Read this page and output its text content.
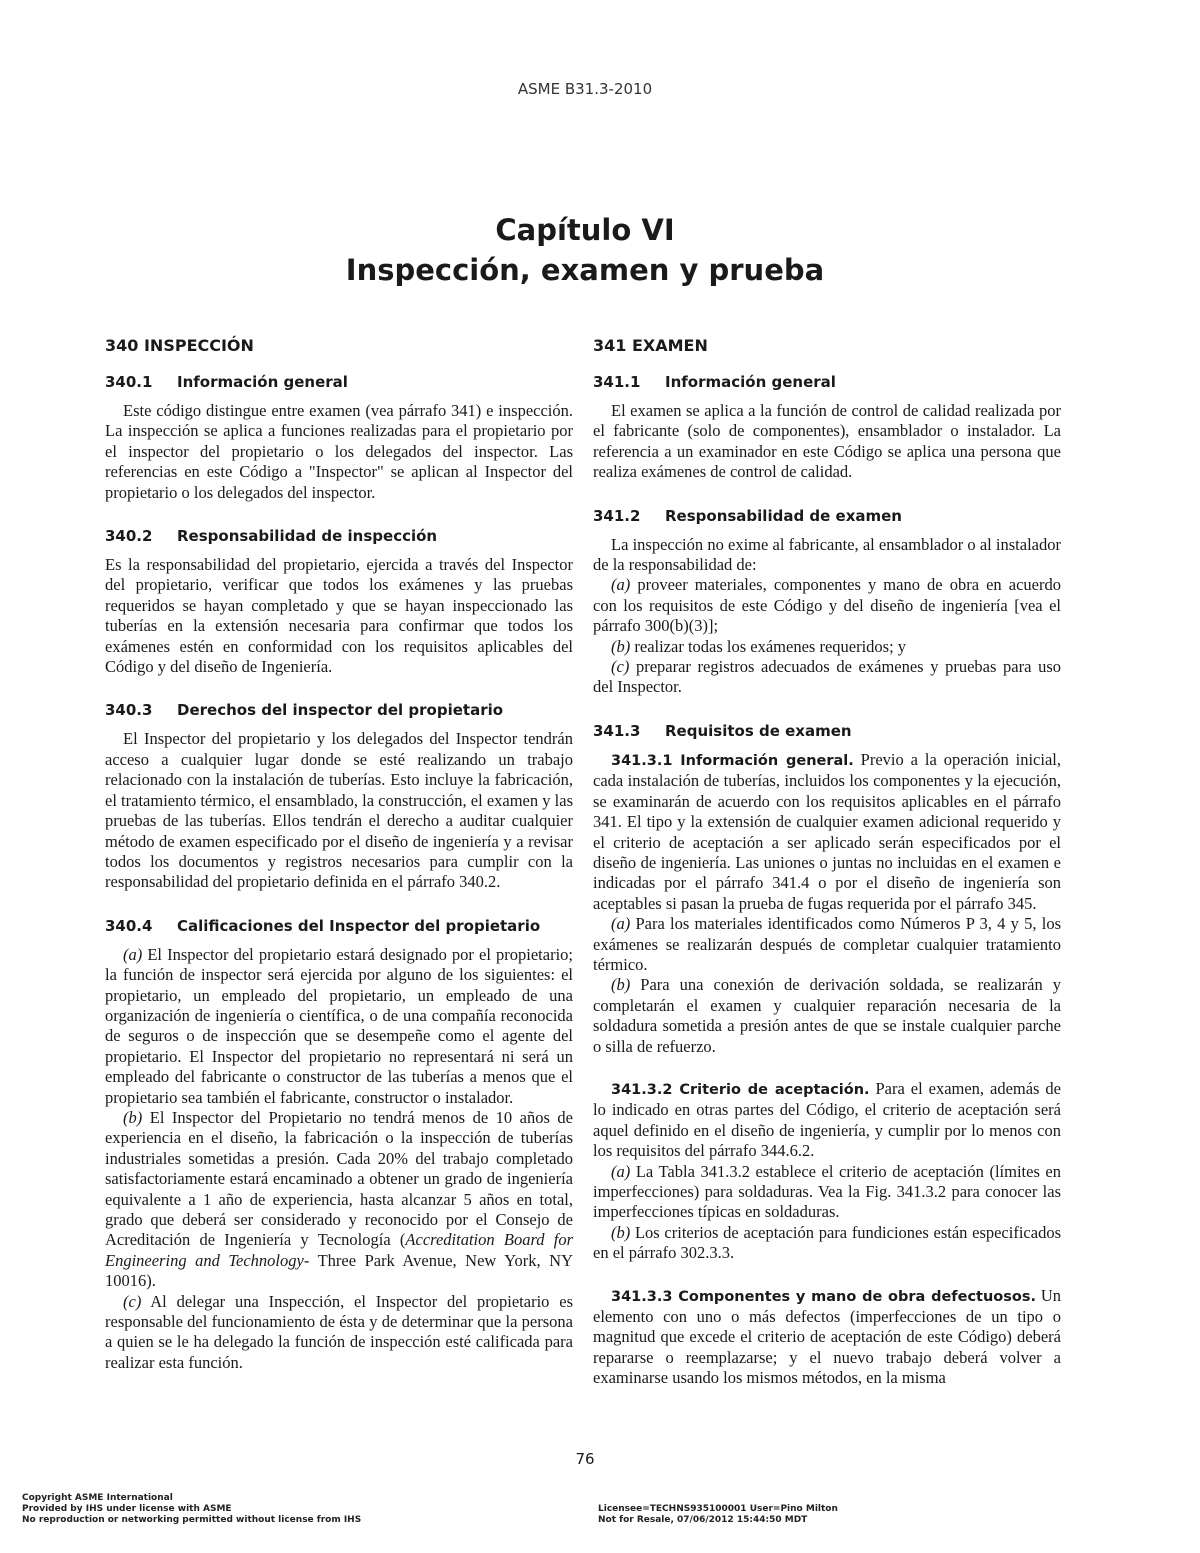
ASME B31.3-2010
Capítulo VI
Inspección, examen y prueba
340 INSPECCIÓN
340.1 Información general

Este código distingue entre examen (vea párrafo 341) e inspección. La inspección se aplica a funciones realizadas para el propietario por el inspector del propietario o los delegados del inspector. Las referencias en este Código a "Inspector" se aplican al Inspector del propietario o los delegados del inspector.

340.2 Responsabilidad de inspección

Es la responsabilidad del propietario, ejercida a través del Inspector del propietario, verificar que todos los exámenes y las pruebas requeridos se hayan completado y que se hayan inspeccionado las tuberías en la extensión necesaria para confirmar que todos los exámenes estén en conformidad con los requisitos aplicables del Código y del diseño de Ingeniería.

340.3 Derechos del inspector del propietario

El Inspector del propietario y los delegados del Inspector tendrán acceso a cualquier lugar donde se esté realizando un trabajo relacionado con la instalación de tuberías. Esto incluye la fabricación, el tratamiento térmico, el ensamblado, la construcción, el examen y las pruebas de las tuberías. Ellos tendrán el derecho a auditar cualquier método de examen especificado por el diseño de ingeniería y a revisar todos los documentos y registros necesarios para cumplir con la responsabilidad del propietario definida en el párrafo 340.2.

340.4 Calificaciones del Inspector del propietario

(a) El Inspector del propietario estará designado por el propietario; la función de inspector será ejercida por alguno de los siguientes: el propietario, un empleado del propietario, un empleado de una organización de ingeniería o científica, o de una compañía reconocida de seguros o de inspección que se desempeñe como el agente del propietario. El Inspector del propietario no representará ni será un empleado del fabricante o constructor de las tuberías a menos que el propietario sea también el fabricante, constructor o instalador.

(b) El Inspector del Propietario no tendrá menos de 10 años de experiencia en el diseño, la fabricación o la inspección de tuberías industriales sometidas a presión. Cada 20% del trabajo completado satisfactoriamente estará encaminado a obtener un grado de ingeniería equivalente a 1 año de experiencia, hasta alcanzar 5 años en total, grado que deberá ser considerado y reconocido por el Consejo de Acreditación de Ingeniería y Tecnología (Accreditation Board for Engineering and Technology- Three Park Avenue, New York, NY 10016).

(c) Al delegar una Inspección, el Inspector del propietario es responsable del funcionamiento de ésta y de determinar que la persona a quien se le ha delegado la función de inspección esté calificada para realizar esta función.

341 EXAMEN
341.1 Información general

El examen se aplica a la función de control de calidad realizada por el fabricante (solo de componentes), ensamblador o instalador. La referencia a un examinador en este Código se aplica una persona que realiza exámenes de control de calidad.

341.2 Responsabilidad de examen

La inspección no exime al fabricante, al ensamblador o al instalador de la responsabilidad de:

(a) proveer materiales, componentes y mano de obra en acuerdo con los requisitos de este Código y del diseño de ingeniería [vea el párrafo 300(b)(3)];

(b) realizar todas los exámenes requeridos; y

(c) preparar registros adecuados de exámenes y pruebas para uso del Inspector.

341.3 Requisitos de examen

341.3.1 Información general. Previo a la operación inicial, cada instalación de tuberías, incluidos los componentes y la ejecución, se examinarán de acuerdo con los requisitos aplicables en el párrafo 341. El tipo y la extensión de cualquier examen adicional requerido y el criterio de aceptación a ser aplicado serán especificados por el diseño de ingeniería. Las uniones o juntas no incluidas en el examen e indicadas por el párrafo 341.4 o por el diseño de ingeniería son aceptables si pasan la prueba de fugas requerida por el párrafo 345.

(a) Para los materiales identificados como Números P 3, 4 y 5, los exámenes se realizarán después de completar cualquier tratamiento térmico.

(b) Para una conexión de derivación soldada, se realizarán y completarán el examen y cualquier reparación necesaria de la soldadura sometida a presión antes de que se instale cualquier parche o silla de refuerzo.

341.3.2 Criterio de aceptación. Para el examen, además de lo indicado en otras partes del Código, el criterio de aceptación será aquel definido en el diseño de ingeniería, y cumplir por lo menos con los requisitos del párrafo 344.6.2.

(a) La Tabla 341.3.2 establece el criterio de aceptación (límites en imperfecciones) para soldaduras. Vea la Fig. 341.3.2 para conocer las imperfecciones típicas en soldaduras.

(b) Los criterios de aceptación para fundiciones están especificados en el párrafo 302.3.3.

341.3.3 Componentes y mano de obra defectuosos. Un elemento con uno o más defectos (imperfecciones de un tipo o magnitud que excede el criterio de aceptación de este Código) deberá repararse o reemplazarse; y el nuevo trabajo deberá volver a examinarse usando los mismos métodos, en la misma

76
Copyright ASME International
Provided by IHS under license with ASME
No reproduction or networking permitted without license from IHS
Licensee=TECHNS935100001 User=Pino Milton
Not for Resale, 07/06/2012 15:44:50 MDT
